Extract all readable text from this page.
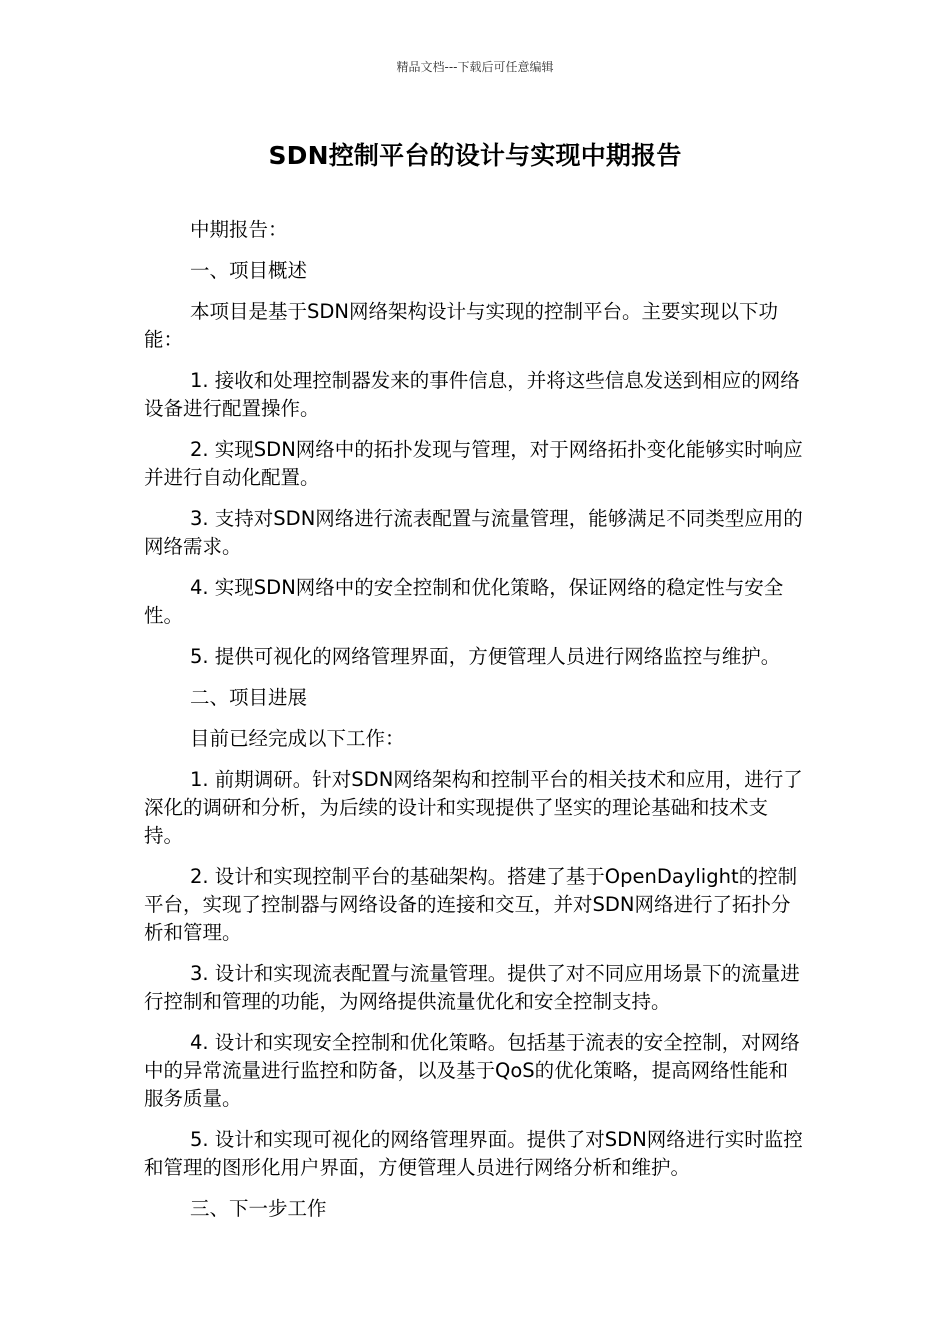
精品文档---下载后可任意编辑
SDN控制平台的设计与实现中期报告

中期报告：

一、项目概述

本项目是基于SDN网络架构设计与实现的控制平台。主要实现以下功能：

1. 接收和处理控制器发来的事件信息，并将这些信息发送到相应的网络设备进行配置操作。

2. 实现SDN网络中的拓扑发现与管理，对于网络拓扑变化能够实时响应并进行自动化配置。

3. 支持对SDN网络进行流表配置与流量管理，能够满足不同类型应用的网络需求。

4. 实现SDN网络中的安全控制和优化策略，保证网络的稳定性与安全性。

5. 提供可视化的网络管理界面，方便管理人员进行网络监控与维护。

二、项目进展

目前已经完成以下工作：

1. 前期调研。针对SDN网络架构和控制平台的相关技术和应用，进行了深化的调研和分析，为后续的设计和实现提供了坚实的理论基础和技术支持。

2. 设计和实现控制平台的基础架构。搭建了基于OpenDaylight的控制平台，实现了控制器与网络设备的连接和交互，并对SDN网络进行了拓扑分析和管理。

3. 设计和实现流表配置与流量管理。提供了对不同应用场景下的流量进行控制和管理的功能，为网络提供流量优化和安全控制支持。

4. 设计和实现安全控制和优化策略。包括基于流表的安全控制，对网络中的异常流量进行监控和防备，以及基于QoS的优化策略，提高网络性能和服务质量。

5. 设计和实现可视化的网络管理界面。提供了对SDN网络进行实时监控和管理的图形化用户界面，方便管理人员进行网络分析和维护。

三、下一步工作
